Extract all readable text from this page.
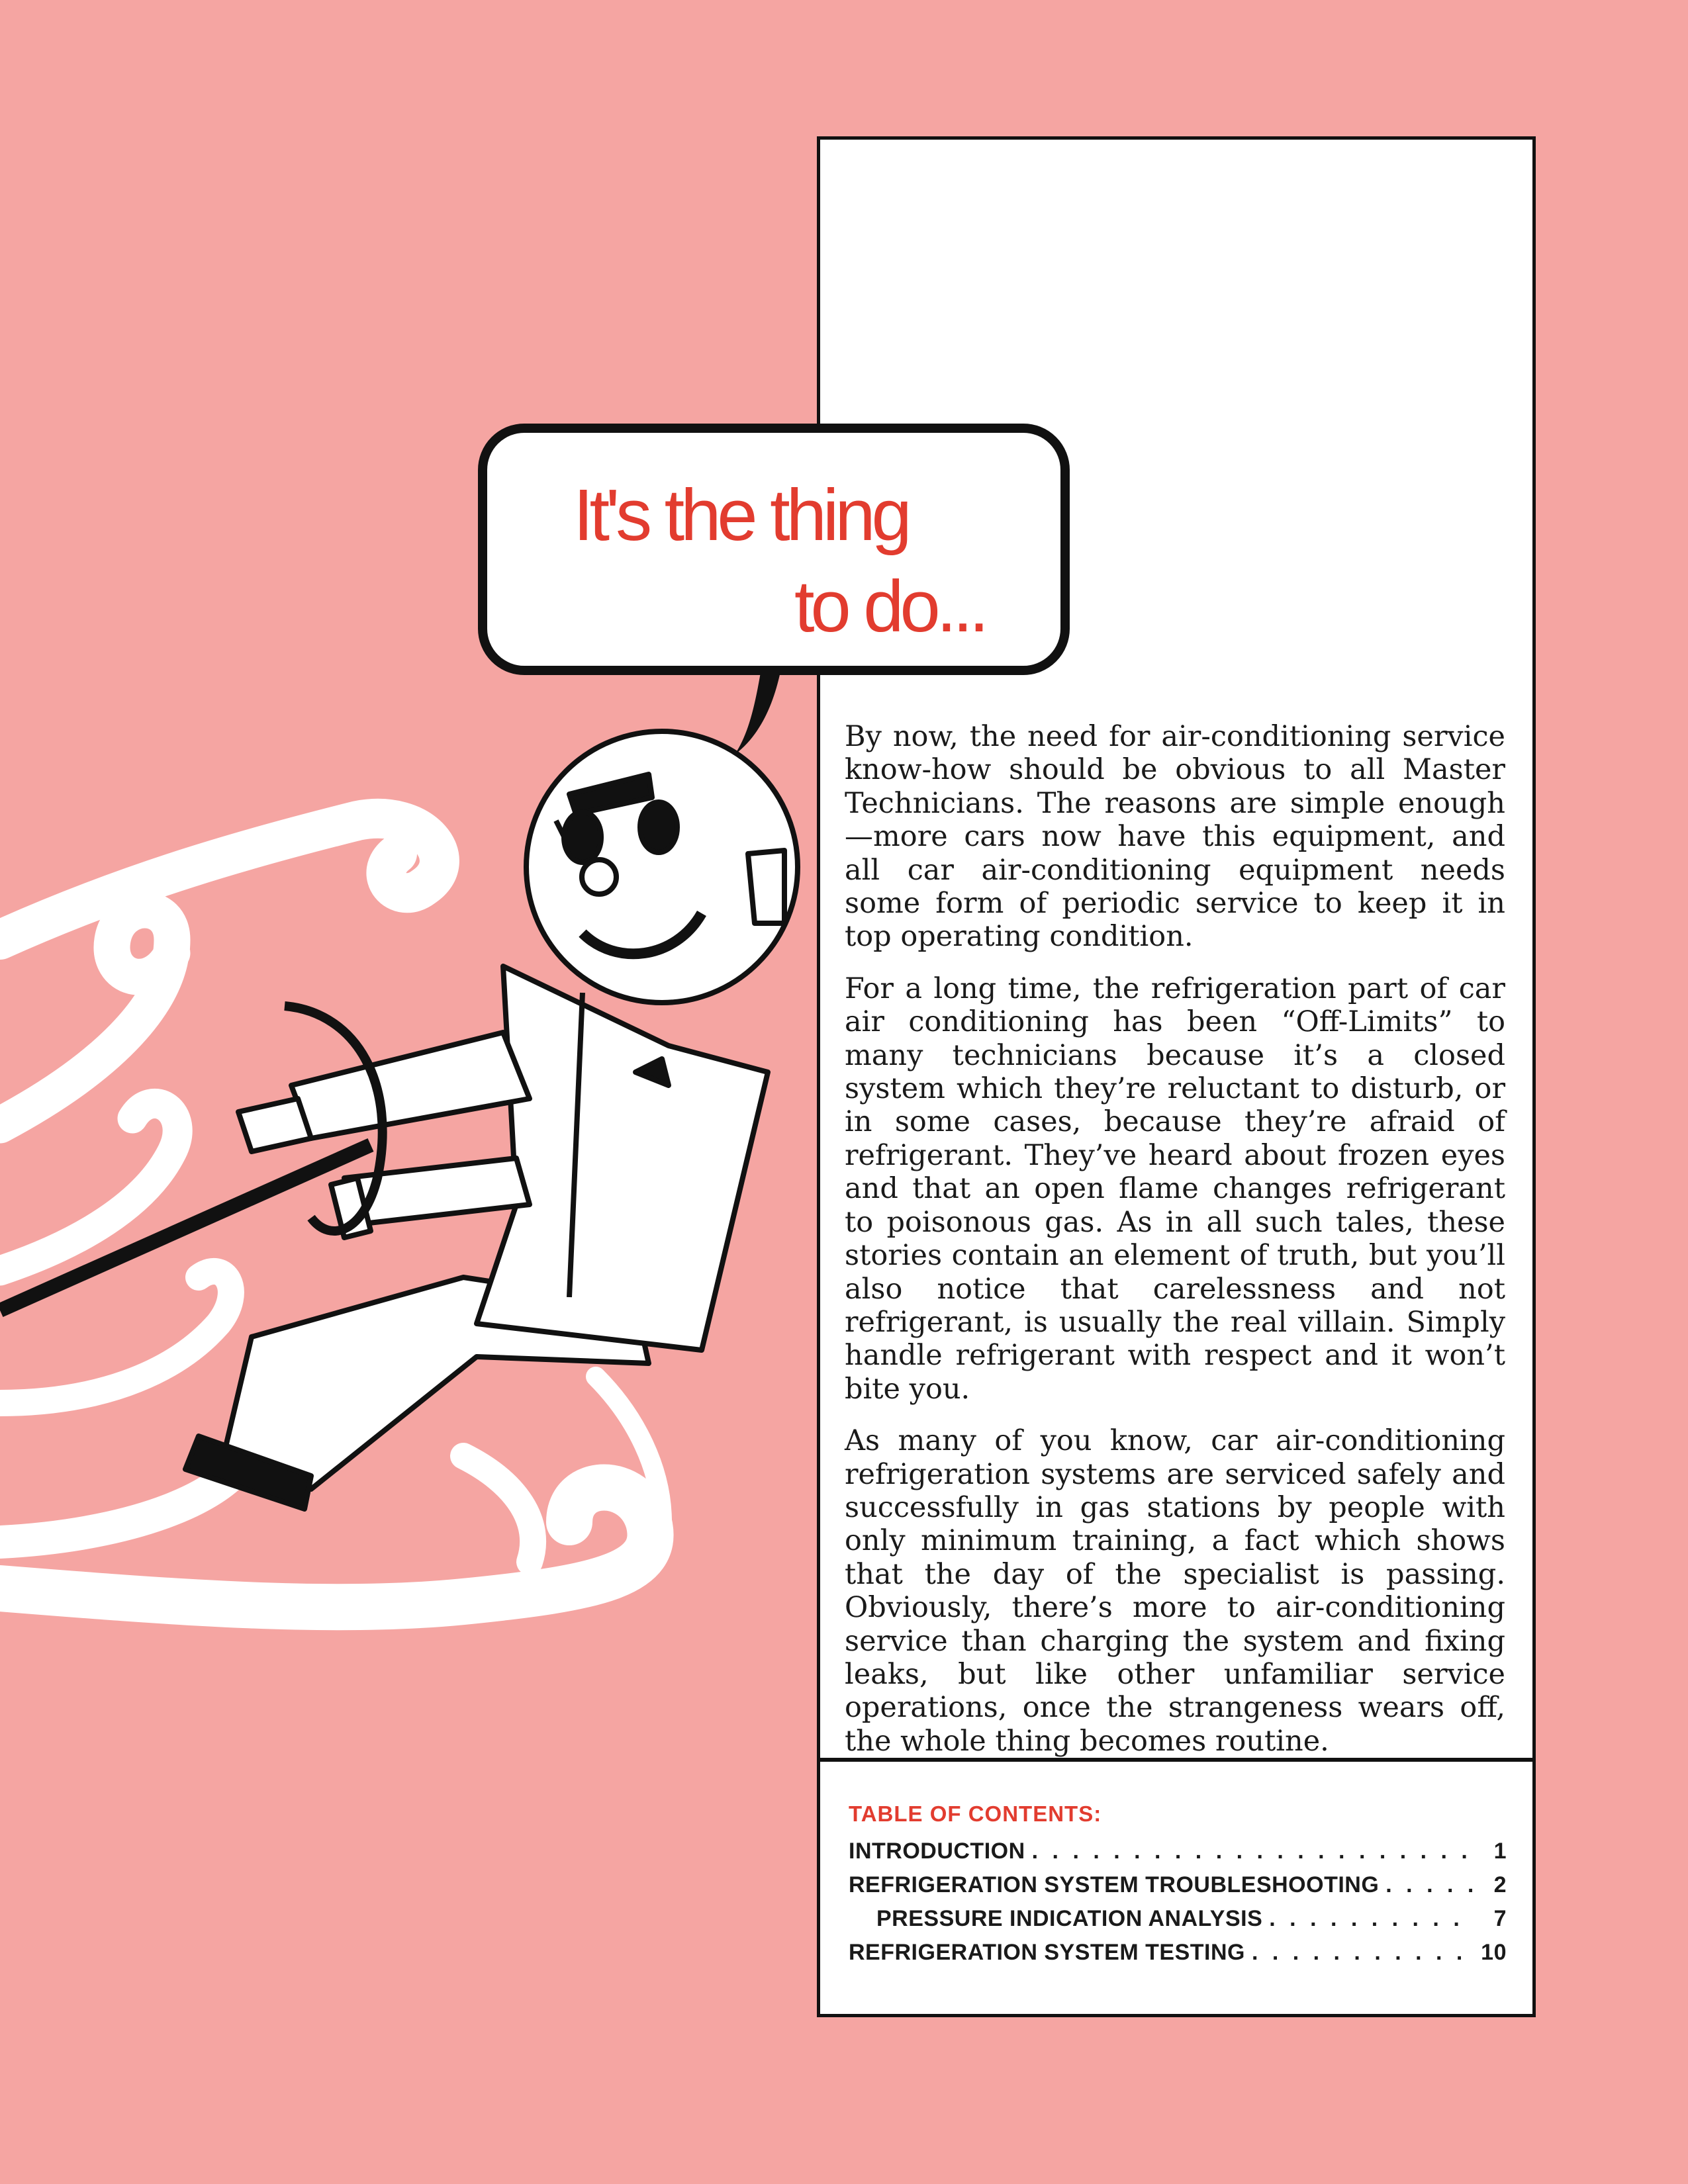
It's the thing
to do...

By now, the need for air-conditioning service know-how should be obvious to all Master Technicians. The reasons are simple enough—more cars now have this equipment, and all car air-conditioning equipment needs some form of periodic service to keep it in top operating condition.

For a long time, the refrigeration part of car air conditioning has been “Off-Limits” to many technicians because it’s a closed system which they’re reluctant to disturb, or in some cases, because they’re afraid of refrigerant. They’ve heard about frozen eyes and that an open flame changes refrigerant to poisonous gas. As in all such tales, these stories contain an element of truth, but you’ll also notice that carelessness and not refrigerant, is usually the real villain. Simply handle refrigerant with respect and it won’t bite you.

As many of you know, car air-conditioning refrigeration systems are serviced safely and successfully in gas stations by people with only minimum training, a fact which shows that the day of the specialist is passing. Obviously, there’s more to air-conditioning service than charging the system and fixing leaks, but like other unfamiliar service operations, once the strangeness wears off, the whole thing becomes routine.

TABLE OF CONTENTS:
INTRODUCTION . . .	1
REFRIGERATION SYSTEM TROUBLESHOOTING . . .	2
PRESSURE INDICATION ANALYSIS . . .	7
REFRIGERATION SYSTEM TESTING . . .	10
